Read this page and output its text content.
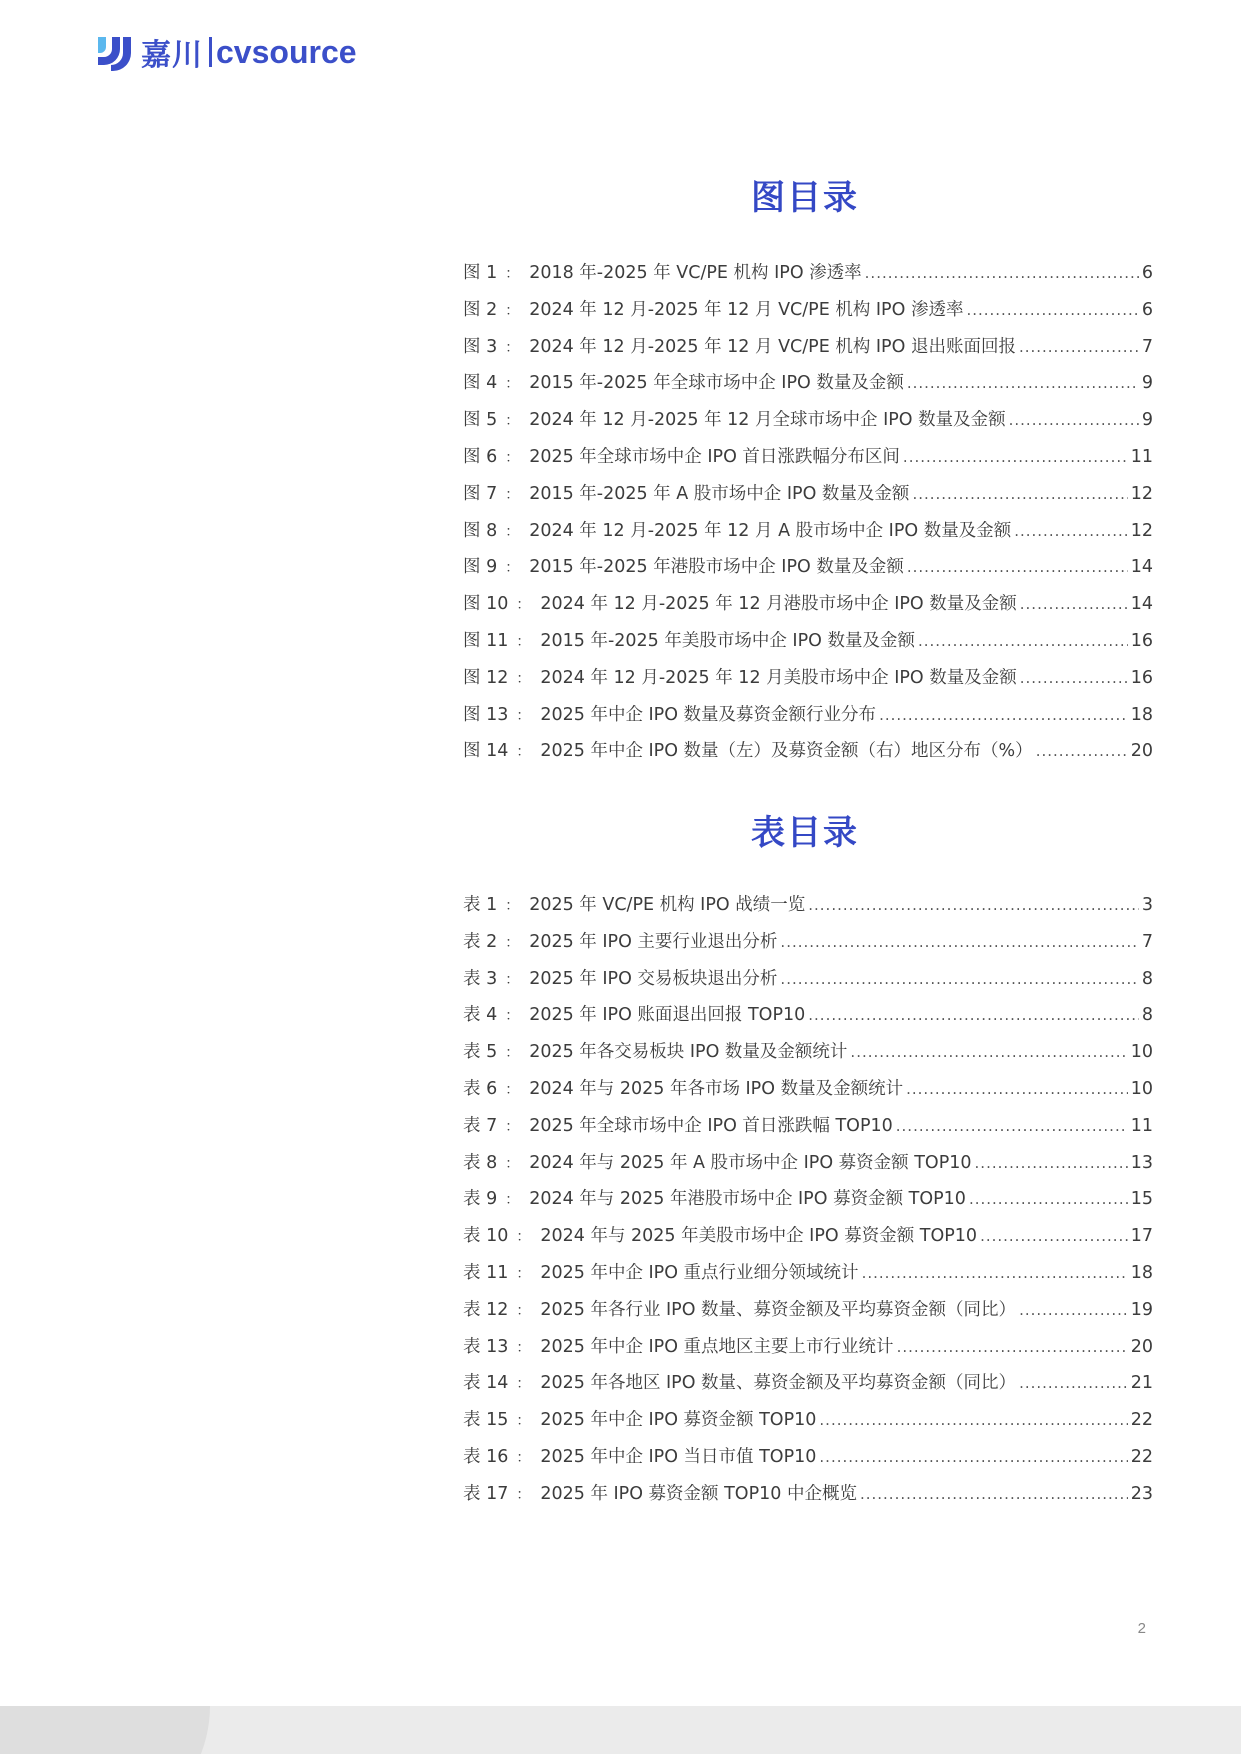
嘉川 cvsource
图目录
图 1 ： 2018 年-2025 年 VC/PE 机构 IPO 渗透率 .....	6
图 2 ： 2024 年 12 月-2025 年 12 月 VC/PE 机构 IPO 渗透率 .....	6
图 3 ： 2024 年 12 月-2025 年 12 月 VC/PE 机构 IPO 退出账面回报 .....	7
图 4 ： 2015 年-2025 年全球市场中企 IPO 数量及金额 .....	9
图 5 ： 2024 年 12 月-2025 年 12 月全球市场中企 IPO 数量及金额 .....	9
图 6 ： 2025 年全球市场中企 IPO 首日涨跌幅分布区间 .....	11
图 7 ： 2015 年-2025 年 A 股市场中企 IPO 数量及金额 .....	12
图 8 ： 2024 年 12 月-2025 年 12 月 A 股市场中企 IPO 数量及金额 .....	12
图 9 ： 2015 年-2025 年港股市场中企 IPO 数量及金额 .....	14
图 10 ： 2024 年 12 月-2025 年 12 月港股市场中企 IPO 数量及金额 .....	14
图 11 ： 2015 年-2025 年美股市场中企 IPO 数量及金额 .....	16
图 12 ： 2024 年 12 月-2025 年 12 月美股市场中企 IPO 数量及金额 .....	16
图 13 ： 2025 年中企 IPO 数量及募资金额行业分布 .....	18
图 14 ： 2025 年中企 IPO 数量（左）及募资金额（右）地区分布（%） .....	20
表目录
表 1 ： 2025 年 VC/PE 机构 IPO 战绩一览 .....	3
表 2 ： 2025 年 IPO 主要行业退出分析 .....	7
表 3 ： 2025 年 IPO 交易板块退出分析 .....	8
表 4 ： 2025 年 IPO 账面退出回报 TOP10 .....	8
表 5 ： 2025 年各交易板块 IPO 数量及金额统计 .....	10
表 6 ： 2024 年与 2025 年各市场 IPO 数量及金额统计 .....	10
表 7 ： 2025 年全球市场中企 IPO 首日涨跌幅 TOP10 .....	11
表 8 ： 2024 年与 2025 年 A 股市场中企 IPO 募资金额 TOP10 .....	13
表 9 ： 2024 年与 2025 年港股市场中企 IPO 募资金额 TOP10 .....	15
表 10 ： 2024 年与 2025 年美股市场中企 IPO 募资金额 TOP10 .....	17
表 11 ： 2025 年中企 IPO 重点行业细分领域统计 .....	18
表 12 ： 2025 年各行业 IPO 数量、募资金额及平均募资金额（同比） .....	19
表 13 ： 2025 年中企 IPO 重点地区主要上市行业统计 .....	20
表 14 ： 2025 年各地区 IPO 数量、募资金额及平均募资金额（同比） .....	21
表 15 ： 2025 年中企 IPO 募资金额 TOP10 .....	22
表 16 ： 2025 年中企 IPO 当日市值 TOP10 .....	22
表 17 ： 2025 年 IPO 募资金额 TOP10 中企概览 .....	23
2
